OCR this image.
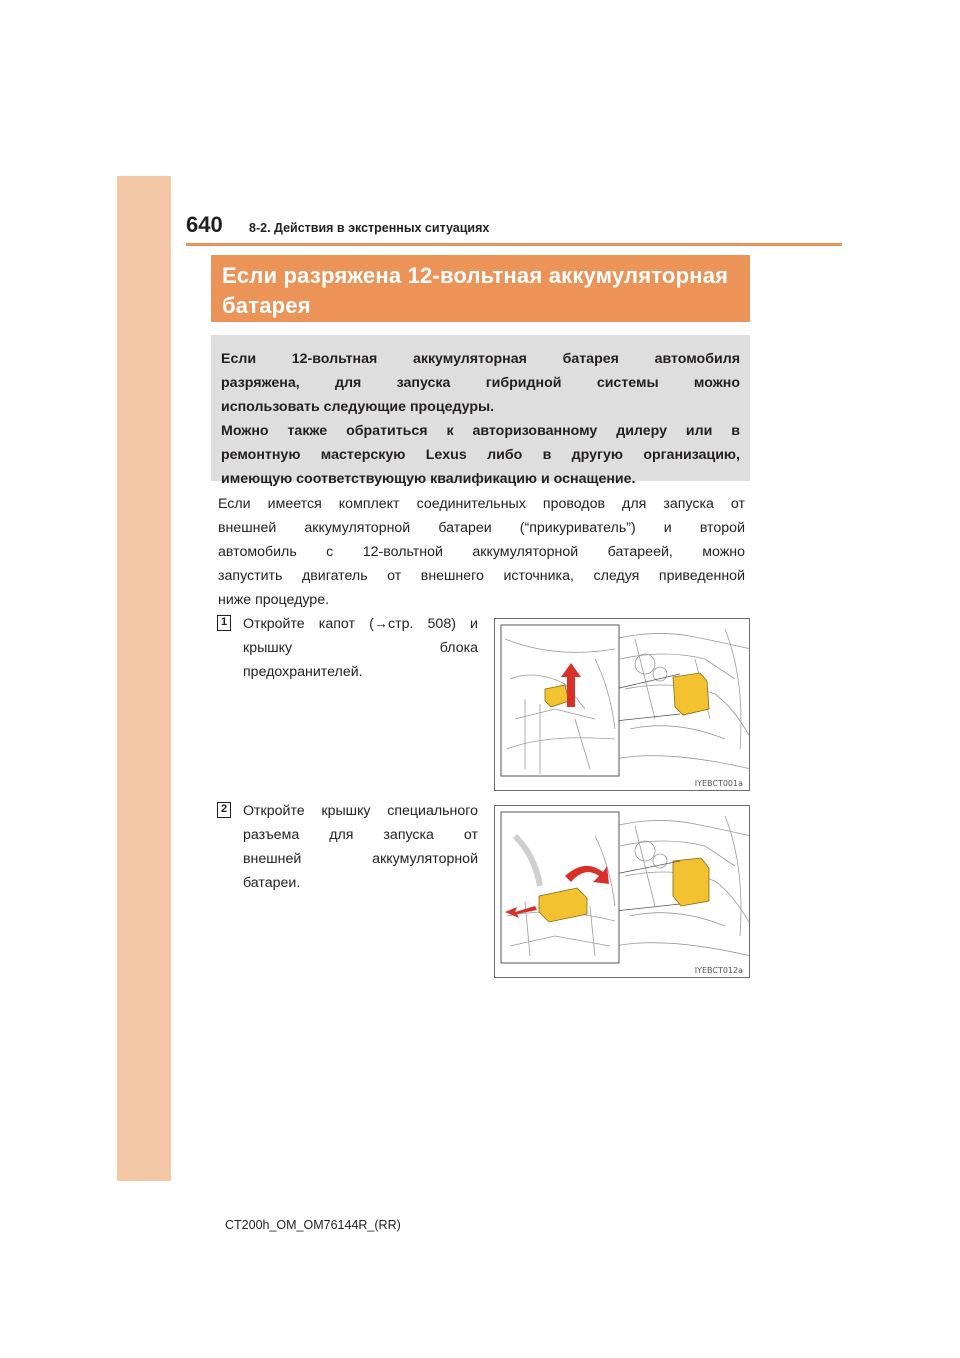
640 8-2. Действия в экстренных ситуациях
Если разряжена 12-вольтная аккумуляторная
батарея
Если 12-вольтная аккумуляторная батарея автомобиля
разряжена, для запуска гибридной системы можно
использовать следующие процедуры.
Можно также обратиться к авторизованному дилеру или в
ремонтную мастерскую Lexus либо в другую организацию,
имеющую соответствующую квалификацию и оснащение.
Если имеется комплект соединительных проводов для запуска от
внешней аккумуляторной батареи (“прикуриватель”) и второй
автомобиль с 12-вольтной аккумуляторной батареей, можно
запустить двигатель от внешнего источника, следуя приведенной
ниже процедуре.
1 Откройте капот (→стр. 508) и
крышку блока
предохранителей.
IYEBCT001a
2 Откройте крышку специального
разъема для запуска от
внешней аккумуляторной
батареи.
IYEBCT012a
CT200h_OM_OM76144R_(RR)
